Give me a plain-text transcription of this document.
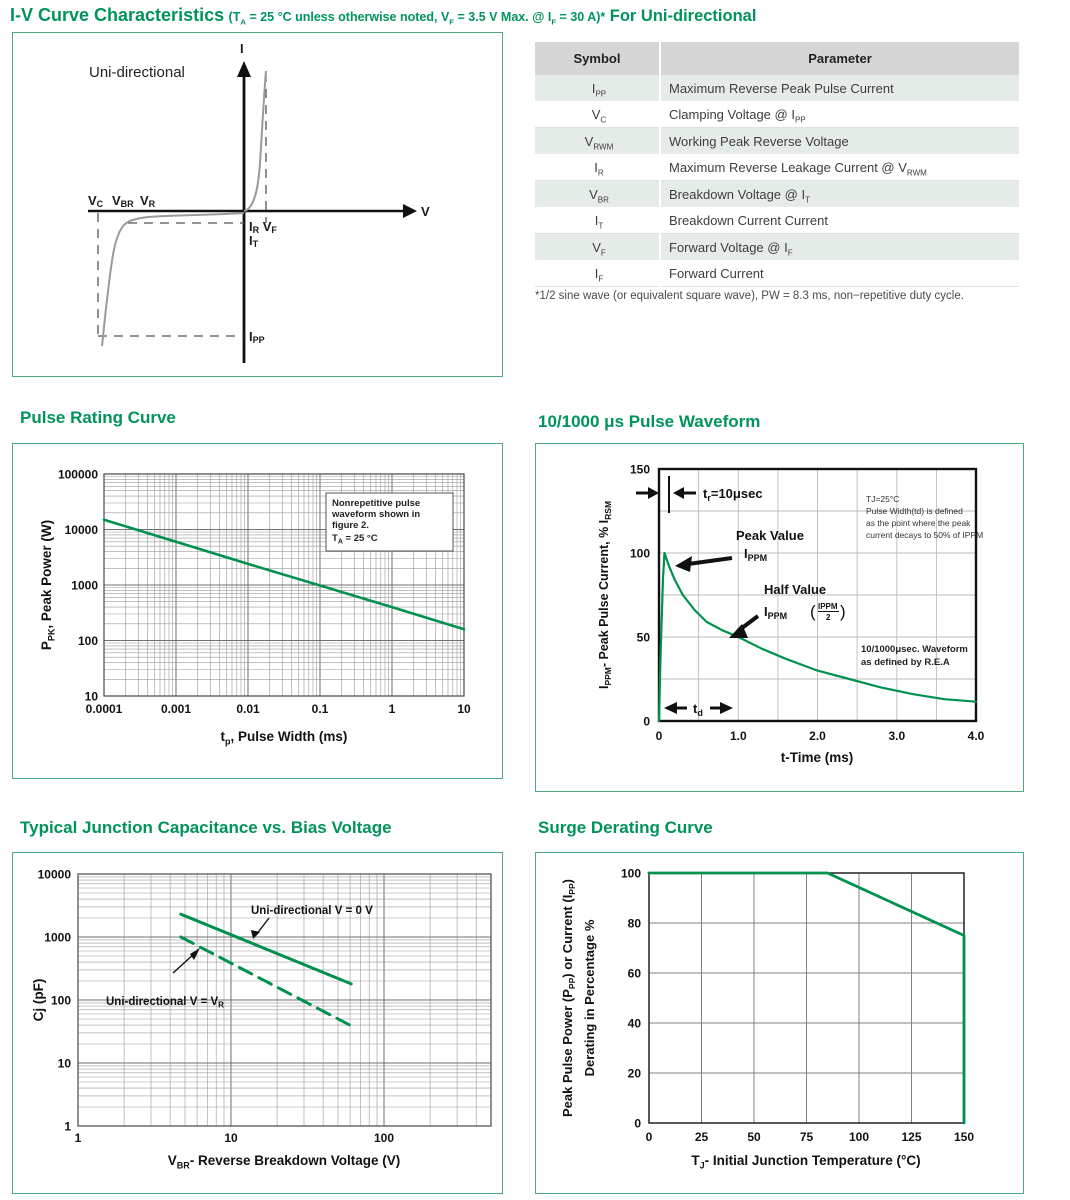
I-V Curve Characteristics ($T_A = 25$ °C unless otherwise noted, $V_F = 3.5$ V Max. @ $I_F = 30$ A)* For Uni-directional
Uni-directional
I
V
VC VBR VR
IR VF
IT
IPP
Symbol	Parameter
$I_{PP}$	Maximum Reverse Peak Pulse Current
$V_C$	Clamping Voltage @ $I_{PP}$
$V_{RWM}$	Working Peak Reverse Voltage
$I_R$	Maximum Reverse Leakage Current @ $V_{RWM}$
$V_{BR}$	Breakdown Voltage @ $I_T$
$I_T$	Breakdown Current Current
$V_F$	Forward Voltage @ $I_F$
$I_F$	Forward Current
*1/2 sine wave (or equivalent square wave), PW = 8.3 ms, non−repetitive duty cycle.
Pulse Rating Curve	10/1000 μs Pulse Waveform
Typical Junction Capacitance vs. Bias Voltage	Surge Derating Curve
0.0001	0.001	0.01	0.1	1	10
100000
10000
1000
100
10
Nonrepetitive pulse
waveform shown in
figure 2.
$T_A = 25$ °C
$t_p$, Pulse Width (ms)
$P_{PK}$, Peak Power (W)
0	1.0	2.0	3.0	4.0
0
50
100
150
$t_r=10\mu\sec$	TJ=25°C
Pulse Width(td) is defined
as the point where the peak
current decays to 50% of IPPM
Peak Value
$I_{PPM}$
Half Value
$I_{PPM}$ ( IPPM
2 )
10/1000μsec. Waveform
as defined by R.E.A
$t_d$
t-Time (ms)
$I_{PPM}-$ Peak Pulse Current, % $I_{RSM}$
1	10	100
10000
1000
100
10
1
Uni-directional V = 0 V
Uni-directional $V = V_R$
$V_{BR}-$ Reverse Breakdown Voltage (V)
Cj (pF)
0	25	50	75	100	125	150
0
20
40
60
80
100
$T_J-$ Initial Junction Temperature (°C)
Peak Pulse Power $(P_{PP})$ or Current $(I_{PP})$
Derating in Percentage %
